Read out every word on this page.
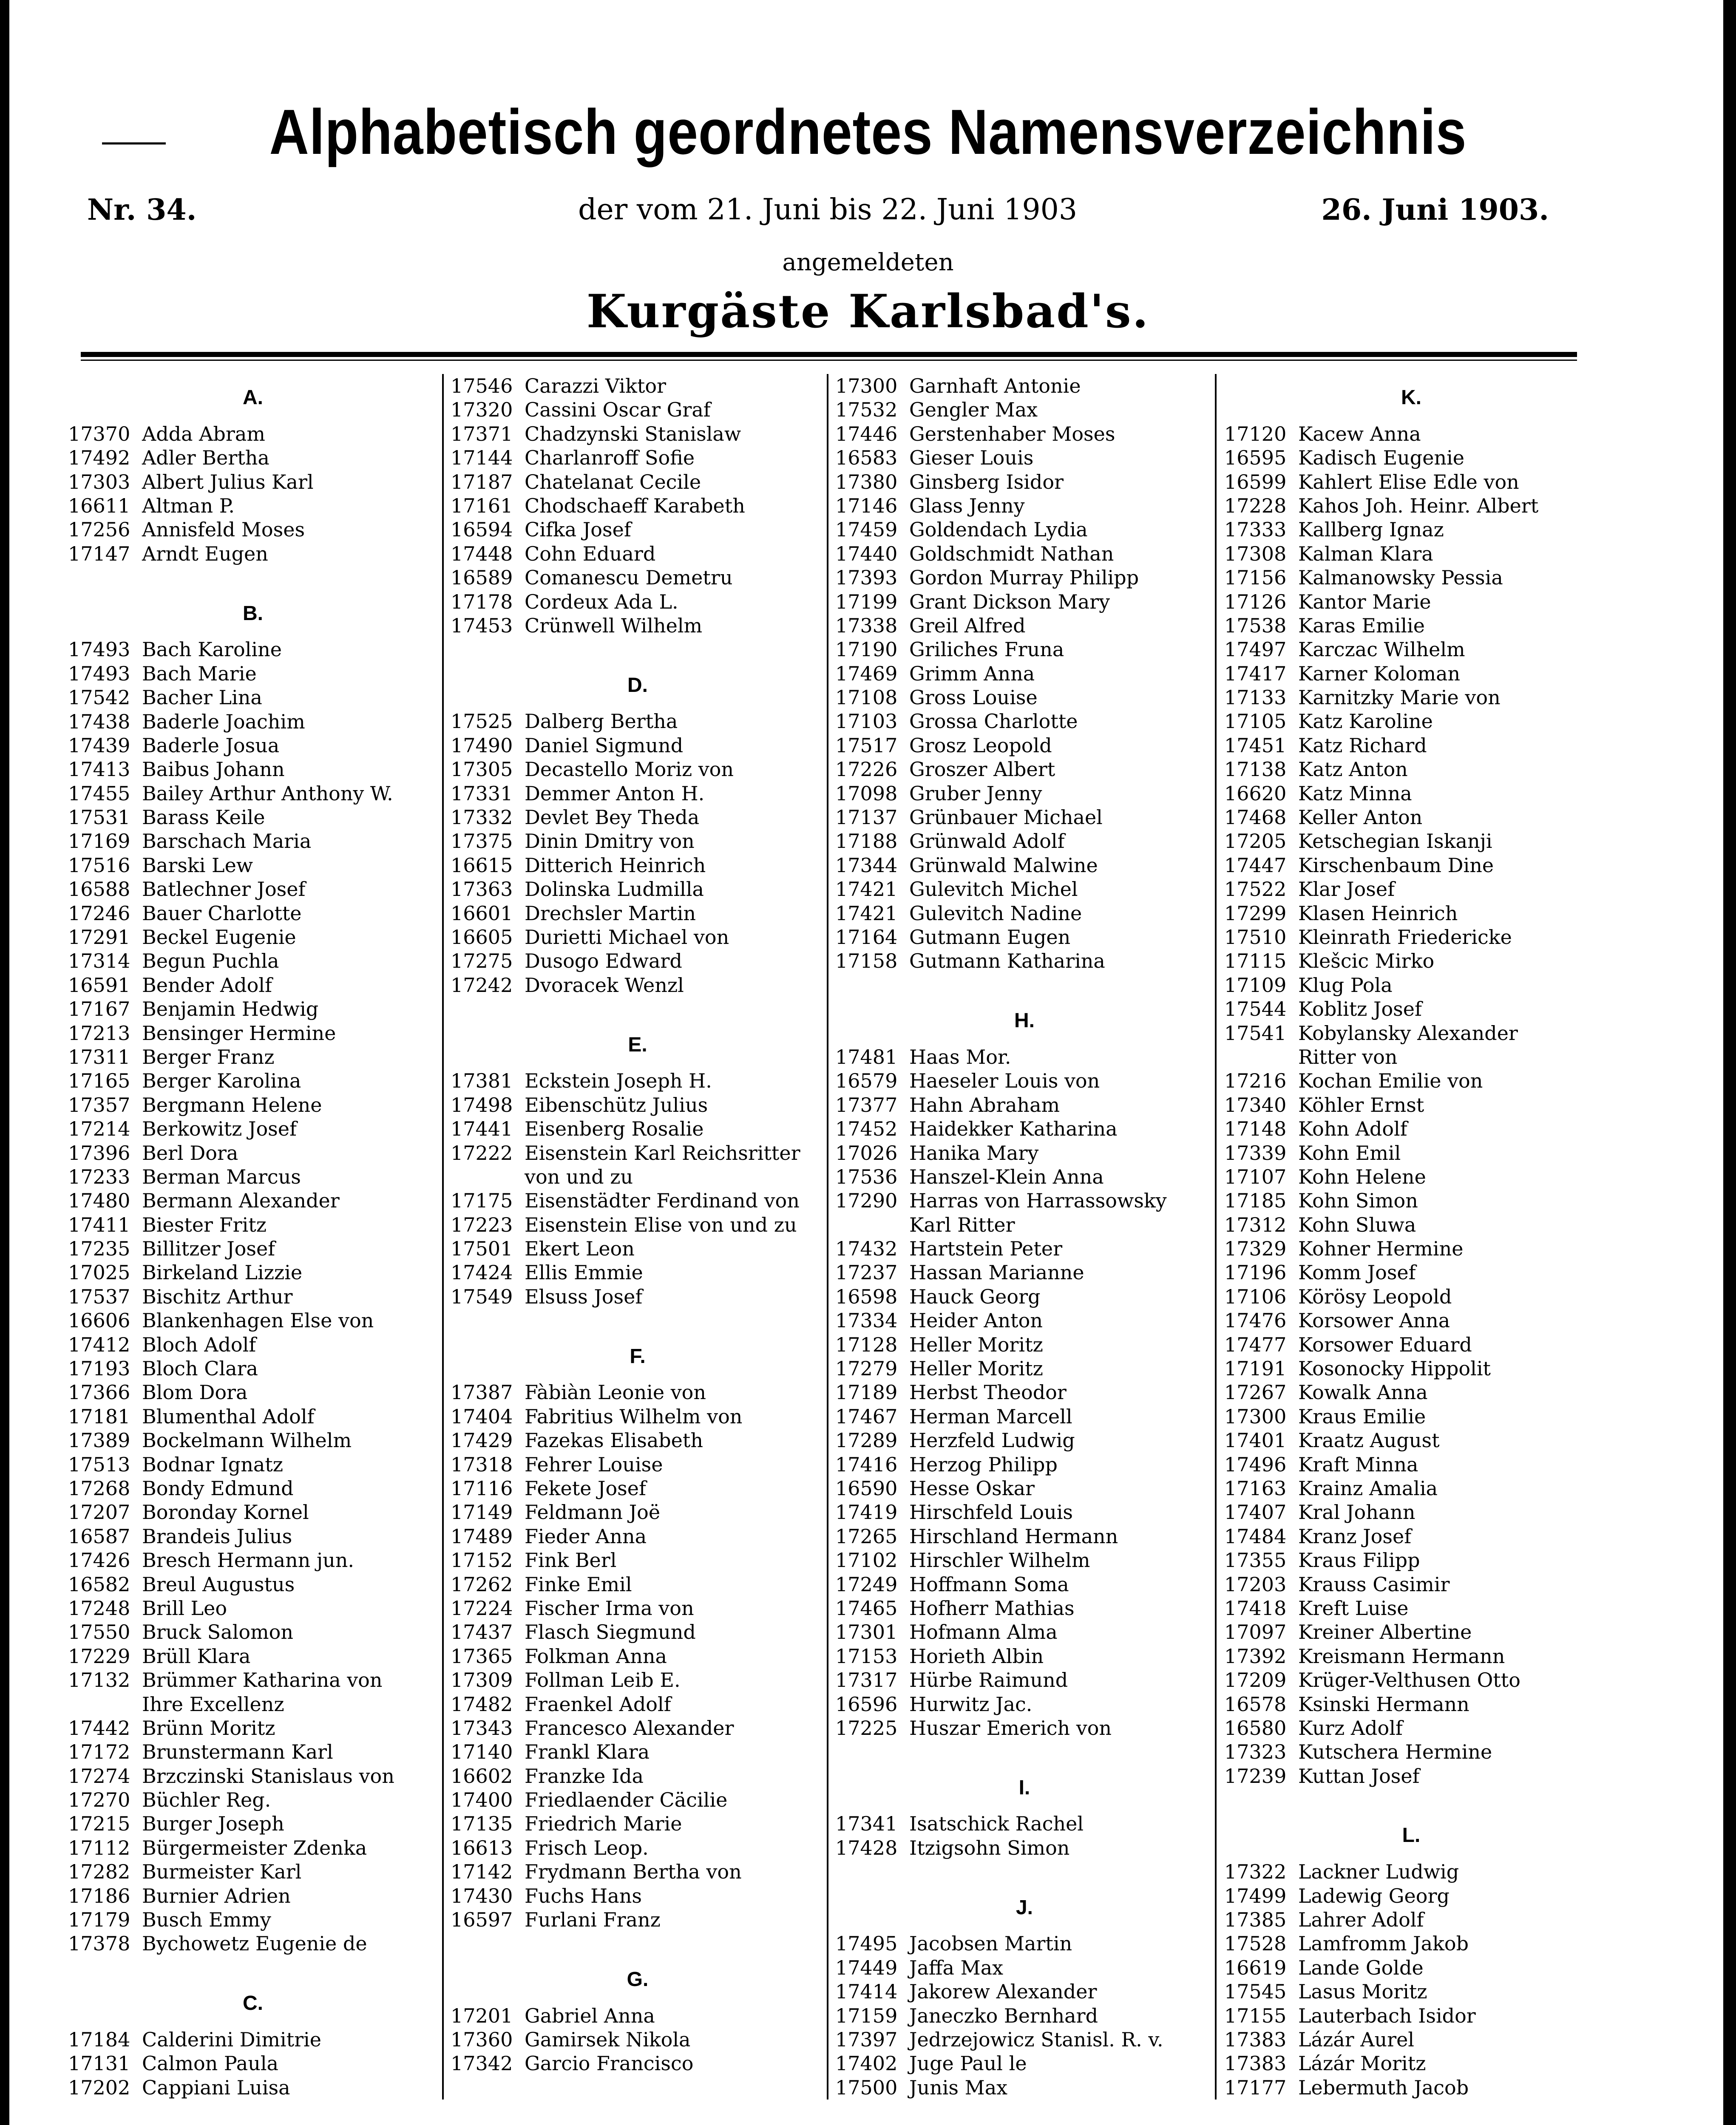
Alphabetisch geordnetes Namensverzeichnis
Nr. 34.	der vom 21. Juni bis 22. Juni 1903	26. Juni 1903.
angemeldeten
Kurgäste Karlsbad's.
A.
17370 Adda Abram
17492 Adler Bertha
17303 Albert Julius Karl
16611 Altman P.
17256 Annisfeld Moses
17147 Arndt Eugen
B.
17493 Bach Karoline
17493 Bach Marie
17542 Bacher Lina
17438 Baderle Joachim
17439 Baderle Josua
17413 Baibus Johann
17455 Bailey Arthur Anthony W.
17531 Barass Keile
17169 Barschach Maria
17516 Barski Lew
16588 Batlechner Josef
17246 Bauer Charlotte
17291 Beckel Eugenie
17314 Begun Puchla
16591 Bender Adolf
17167 Benjamin Hedwig
17213 Bensinger Hermine
17311 Berger Franz
17165 Berger Karolina
17357 Bergmann Helene
17214 Berkowitz Josef
17396 Berl Dora
17233 Berman Marcus
17480 Bermann Alexander
17411 Biester Fritz
17235 Billitzer Josef
17025 Birkeland Lizzie
17537 Bischitz Arthur
16606 Blankenhagen Else von
17412 Bloch Adolf
17193 Bloch Clara
17366 Blom Dora
17181 Blumenthal Adolf
17389 Bockelmann Wilhelm
17513 Bodnar Ignatz
17268 Bondy Edmund
17207 Boronday Kornel
16587 Brandeis Julius
17426 Bresch Hermann jun.
16582 Breul Augustus
17248 Brill Leo
17550 Bruck Salomon
17229 Brüll Klara
17132 Brümmer Katharina von
Ihre Excellenz
17442 Brünn Moritz
17172 Brunstermann Karl
17274 Brzczinski Stanislaus von
17270 Büchler Reg.
17215 Burger Joseph
17112 Bürgermeister Zdenka
17282 Burmeister Karl
17186 Burnier Adrien
17179 Busch Emmy
17378 Bychowetz Eugenie de
C.
17184 Calderini Dimitrie
17131 Calmon Paula
17202 Cappiani Luisa
17546 Carazzi Viktor
17320 Cassini Oscar Graf
17371 Chadzynski Stanislaw
17144 Charlanroff Sofie
17187 Chatelanat Cecile
17161 Chodschaeff Karabeth
16594 Cifka Josef
17448 Cohn Eduard
16589 Comanescu Demetru
17178 Cordeux Ada L.
17453 Crünwell Wilhelm
D.
17525 Dalberg Bertha
17490 Daniel Sigmund
17305 Decastello Moriz von
17331 Demmer Anton H.
17332 Devlet Bey Theda
17375 Dinin Dmitry von
16615 Ditterich Heinrich
17363 Dolinska Ludmilla
16601 Drechsler Martin
16605 Durietti Michael von
17275 Dusogo Edward
17242 Dvoracek Wenzl
E.
17381 Eckstein Joseph H.
17498 Eibenschütz Julius
17441 Eisenberg Rosalie
17222 Eisenstein Karl Reichsritter
von und zu
17175 Eisenstädter Ferdinand von
17223 Eisenstein Elise von und zu
17501 Ekert Leon
17424 Ellis Emmie
17549 Elsuss Josef
F.
17387 Fàbiàn Leonie von
17404 Fabritius Wilhelm von
17429 Fazekas Elisabeth
17318 Fehrer Louise
17116 Fekete Josef
17149 Feldmann Joë
17489 Fieder Anna
17152 Fink Berl
17262 Finke Emil
17224 Fischer Irma von
17437 Flasch Siegmund
17365 Folkman Anna
17309 Follman Leib E.
17482 Fraenkel Adolf
17343 Francesco Alexander
17140 Frankl Klara
16602 Franzke Ida
17400 Friedlaender Cäcilie
17135 Friedrich Marie
16613 Frisch Leop.
17142 Frydmann Bertha von
17430 Fuchs Hans
16597 Furlani Franz
G.
17201 Gabriel Anna
17360 Gamirsek Nikola
17342 Garcio Francisco
17300 Garnhaft Antonie
17532 Gengler Max
17446 Gerstenhaber Moses
16583 Gieser Louis
17380 Ginsberg Isidor
17146 Glass Jenny
17459 Goldendach Lydia
17440 Goldschmidt Nathan
17393 Gordon Murray Philipp
17199 Grant Dickson Mary
17338 Greil Alfred
17190 Griliches Fruna
17469 Grimm Anna
17108 Gross Louise
17103 Grossa Charlotte
17517 Grosz Leopold
17226 Groszer Albert
17098 Gruber Jenny
17137 Grünbauer Michael
17188 Grünwald Adolf
17344 Grünwald Malwine
17421 Gulevitch Michel
17421 Gulevitch Nadine
17164 Gutmann Eugen
17158 Gutmann Katharina
H.
17481 Haas Mor.
16579 Haeseler Louis von
17377 Hahn Abraham
17452 Haidekker Katharina
17026 Hanika Mary
17536 Hanszel-Klein Anna
17290 Harras von Harrassowsky
Karl Ritter
17432 Hartstein Peter
17237 Hassan Marianne
16598 Hauck Georg
17334 Heider Anton
17128 Heller Moritz
17279 Heller Moritz
17189 Herbst Theodor
17467 Herman Marcell
17289 Herzfeld Ludwig
17416 Herzog Philipp
16590 Hesse Oskar
17419 Hirschfeld Louis
17265 Hirschland Hermann
17102 Hirschler Wilhelm
17249 Hoffmann Soma
17465 Hofherr Mathias
17301 Hofmann Alma
17153 Horieth Albin
17317 Hürbe Raimund
16596 Hurwitz Jac.
17225 Huszar Emerich von
I.
17341 Isatschick Rachel
17428 Itzigsohn Simon
J.
17495 Jacobsen Martin
17449 Jaffa Max
17414 Jakorew Alexander
17159 Janeczko Bernhard
17397 Jedrzejowicz Stanisl. R. v.
17402 Juge Paul le
17500 Junis Max
K.
17120 Kacew Anna
16595 Kadisch Eugenie
16599 Kahlert Elise Edle von
17228 Kahos Joh. Heinr. Albert
17333 Kallberg Ignaz
17308 Kalman Klara
17156 Kalmanowsky Pessia
17126 Kantor Marie
17538 Karas Emilie
17497 Karczac Wilhelm
17417 Karner Koloman
17133 Karnitzky Marie von
17105 Katz Karoline
17451 Katz Richard
17138 Katz Anton
16620 Katz Minna
17468 Keller Anton
17205 Ketschegian Iskanji
17447 Kirschenbaum Dine
17522 Klar Josef
17299 Klasen Heinrich
17510 Kleinrath Friedericke
17115 Klešcic Mirko
17109 Klug Pola
17544 Koblitz Josef
17541 Kobylansky Alexander
Ritter von
17216 Kochan Emilie von
17340 Köhler Ernst
17148 Kohn Adolf
17339 Kohn Emil
17107 Kohn Helene
17185 Kohn Simon
17312 Kohn Sluwa
17329 Kohner Hermine
17196 Komm Josef
17106 Körösy Leopold
17476 Korsower Anna
17477 Korsower Eduard
17191 Kosonocky Hippolit
17267 Kowalk Anna
17300 Kraus Emilie
17401 Kraatz August
17496 Kraft Minna
17163 Krainz Amalia
17407 Kral Johann
17484 Kranz Josef
17355 Kraus Filipp
17203 Krauss Casimir
17418 Kreft Luise
17097 Kreiner Albertine
17392 Kreismann Hermann
17209 Krüger-Velthusen Otto
16578 Ksinski Hermann
16580 Kurz Adolf
17323 Kutschera Hermine
17239 Kuttan Josef
L.
17322 Lackner Ludwig
17499 Ladewig Georg
17385 Lahrer Adolf
17528 Lamfromm Jakob
16619 Lande Golde
17545 Lasus Moritz
17155 Lauterbach Isidor
17383 Lázár Aurel
17383 Lázár Moritz
17177 Lebermuth Jacob
